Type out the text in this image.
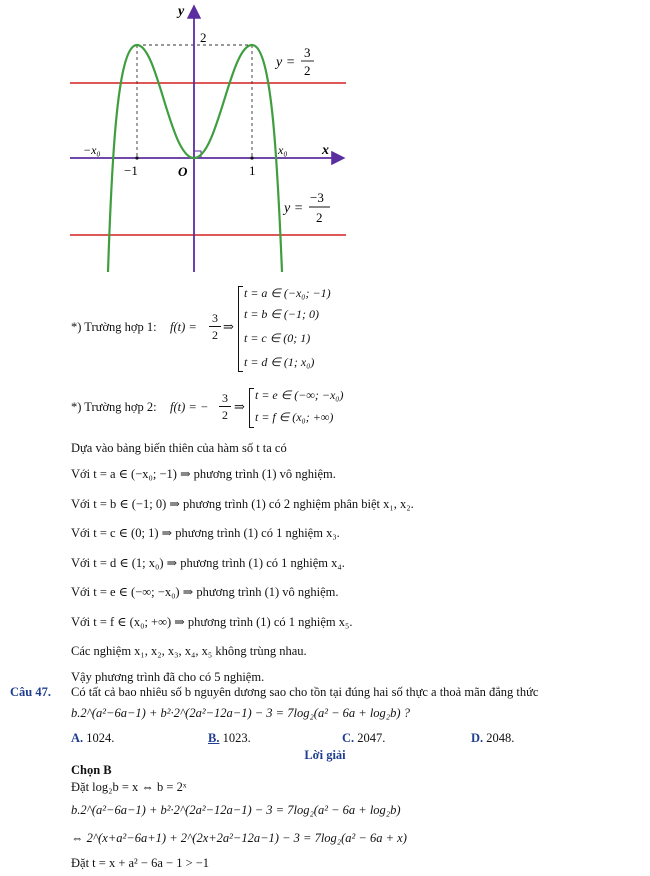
y
x
2
O
−x₀	x₀
−1	1
y =
3
2
y =
−3
2
*) Trường hợp 1: f(t) =
3
2 ⇒
t = a ∈ (−x₀; −1)
t = b ∈ (−1; 0)
t = c ∈ (0; 1)
t = d ∈ (1; x₀)
*) Trường hợp 2: f(t) = −
3
2 ⇒
t = e ∈ (−∞; −x₀)
t = f ∈ (x₀; +∞)
Dựa vào bảng biến thiên của hàm số t ta có
Với t = a ∈ (−x₀; −1) ⇒ phương trình (1) vô nghiệm.
Với t = b ∈ (−1; 0) ⇒ phương trình (1) có 2 nghiệm phân biệt x₁, x₂.
Với t = c ∈ (0; 1) ⇒ phương trình (1) có 1 nghiệm x₃.
Với t = d ∈ (1; x₀) ⇒ phương trình (1) có 1 nghiệm x₄.
Với t = e ∈ (−∞; −x₀) ⇒ phương trình (1) vô nghiệm.
Với t = f ∈ (x₀; +∞) ⇒ phương trình (1) có 1 nghiệm x₅.
Các nghiệm x₁, x₂, x₃, x₄, x₅ không trùng nhau.
Vậy phương trình đã cho có 5 nghiệm.
Câu 47. Có tất cả bao nhiêu số b nguyên dương sao cho tồn tại đúng hai số thực a thoả mãn đẳng thức
b.2^(a²−6a−1) + b²·2^(2a²−12a−1) − 3 = 7log₂(a² − 6a + log₂b) ?
A. 1024.	B. 1023.	C. 2047.	D. 2048.
Lời giải
Chọn B
Đặt log₂b = x ⇔ b = 2ˣ
b.2^(a²−6a−1) + b²·2^(2a²−12a−1) − 3 = 7log₂(a² − 6a + log₂b)
⇔ 2^(x+a²−6a+1) + 2^(2x+2a²−12a−1) − 3 = 7log₂(a² − 6a + x)
Đặt t = x + a² − 6a − 1 > −1
